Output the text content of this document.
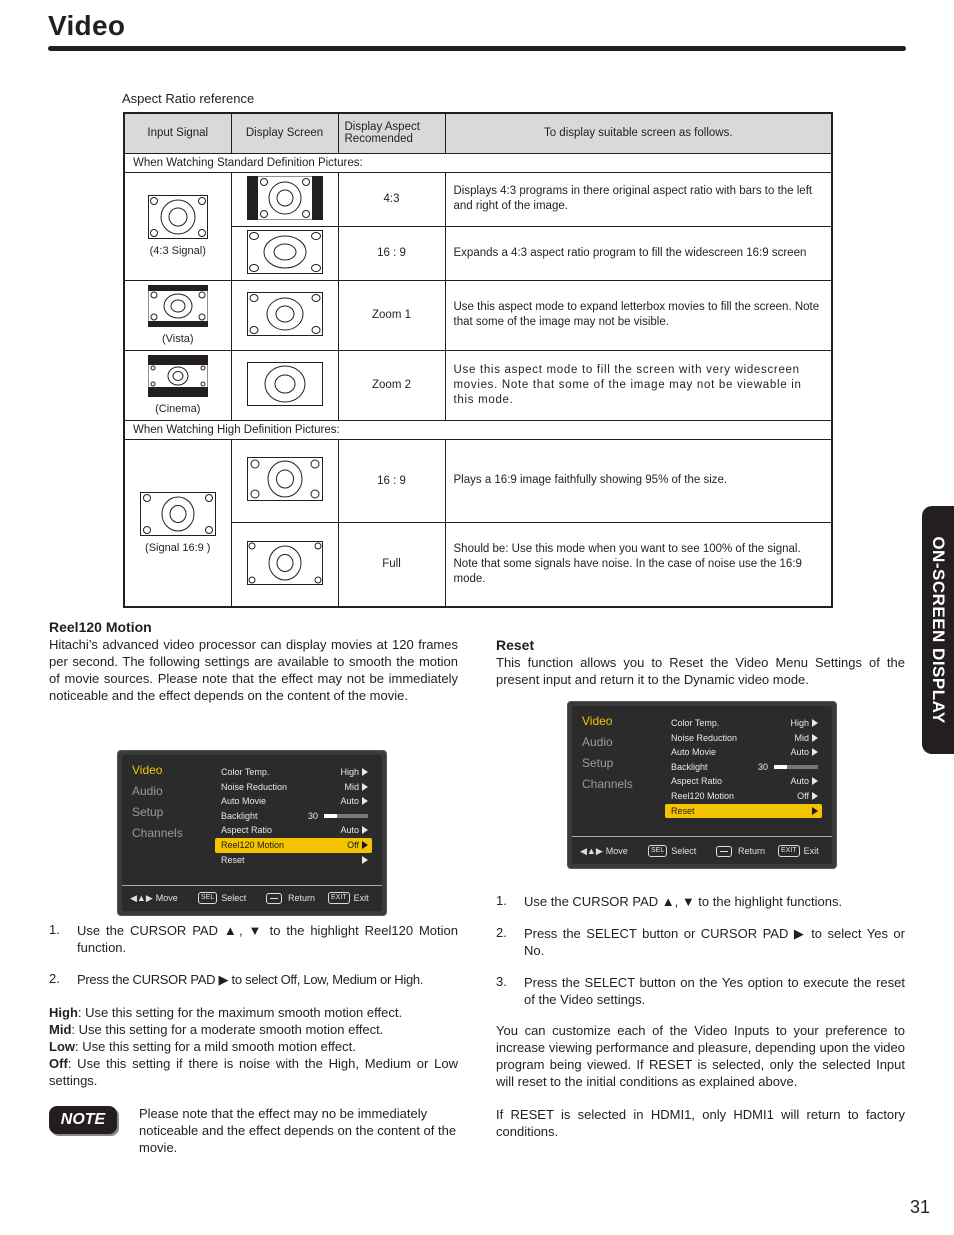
Video
ON-SCREEN DISPLAY
31
Aspect Ratio reference
Input Signal	Display Screen	Display Aspect Recomended	To display suitable screen as follows.
When Watching Standard Definition Pictures:			

(4:3 Signal)		4:3	Displays 4:3 programs in there original aspect ratio with bars to the left and right of the image.
	16 : 9	Expands a 4:3 aspect ratio program to fill the widescreen 16:9 screen

(Vista)		Zoom 1	Use this aspect mode to expand letterbox movies to fill the screen. Note that some of the image may not be visible.

(Cinema)		Zoom 2	Use this aspect mode to fill the screen with very widescreen movies. Note that some of the image may not be viewable in this mode.
When Watching High Definition Pictures:			

(Signal 16:9 )		16 : 9	Plays a 16:9 image faithfully showing 95% of the size.
	Full	Should be: Use this mode when you want to see 100% of the signal. Note that some signals have noise. In the case of noise use the 16:9 mode.
Reel120 Motion
Hitachi’s advanced video processor can display movies at 120 frames per second. The following settings are available to smooth the motion of movie sources. Please note that the effect may not be immediately noticeable and the effect depends on the content of the movie.
Video
Audio
Setup
Channels
Color Temp.	High
Noise Reduction	Mid
Auto Movie	Auto
Backlight	30
Aspect Ratio	Auto
Reel120 Motion	Off
Reset
◀▲▶ Move	SEL Select	Return	EXIT Exit
1. Use the CURSOR PAD ▲, ▼ to the highlight Reel120 Motion function.
2. Press the CURSOR PAD ▶ to select Off, Low, Medium or High.
High: Use this setting for the maximum smooth motion effect.
Mid: Use this setting for a moderate smooth motion effect.
Low: Use this setting for a mild smooth motion effect.
Off: Use this setting if there is noise with the High, Medium or Low settings.
NOTE	Please note that the effect may no be immediately noticeable and the effect depends on the content of the movie.
Reset
This function allows you to Reset the Video Menu Settings of the present input and return it to the Dynamic video mode.
Video
Audio
Setup
Channels
Color Temp.	High
Noise Reduction	Mid
Auto Movie	Auto
Backlight	30
Aspect Ratio	Auto
Reel120 Motion	Off
Reset
◀▲▶ Move	SEL Select	Return	EXIT Exit
1. Use the CURSOR PAD ▲, ▼ to the highlight functions.
2. Press the SELECT button or CURSOR PAD ▶ to select Yes or No.
3. Press the SELECT button on the Yes option to execute the reset of the Video settings.
You can customize each of the Video Inputs to your preference to increase viewing performance and pleasure, depending upon the video program being viewed. If RESET is selected, only the selected Input will reset to the initial conditions as explained above.
If RESET is selected in HDMI1, only HDMI1 will return to factory conditions.
